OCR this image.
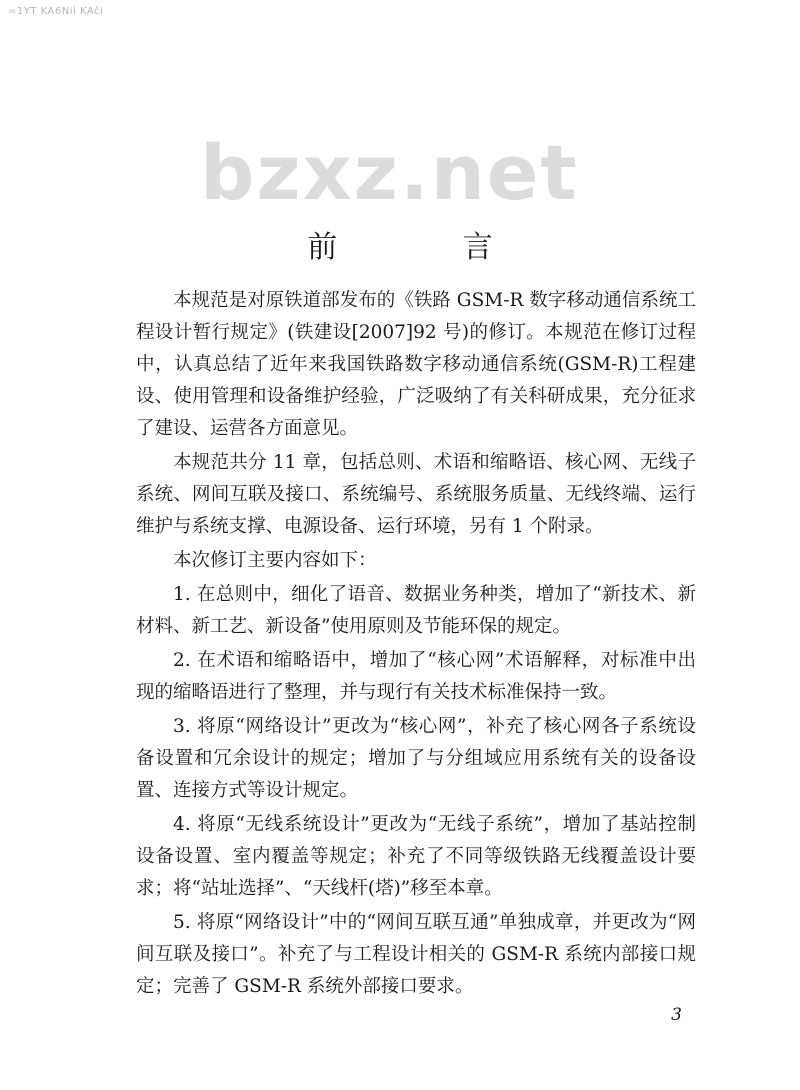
=1YT KA6Nii KAči
bzxz.net
前 言

本规范是对原铁道部发布的《铁路 GSM-R 数字移动通信系统工程设计暂行规定》(铁建设[2007]92 号)的修订。本规范在修订过程中，认真总结了近年来我国铁路数字移动通信系统(GSM-R)工程建设、使用管理和设备维护经验，广泛吸纳了有关科研成果，充分征求了建设、运营各方面意见。

本规范共分 11 章，包括总则、术语和缩略语、核心网、无线子系统、网间互联及接口、系统编号、系统服务质量、无线终端、运行维护与系统支撑、电源设备、运行环境，另有 1 个附录。

本次修订主要内容如下：

1. 在总则中，细化了语音、数据业务种类，增加了“新技术、新材料、新工艺、新设备”使用原则及节能环保的规定。

2. 在术语和缩略语中，增加了“核心网”术语解释，对标准中出现的缩略语进行了整理，并与现行有关技术标准保持一致。

3. 将原“网络设计”更改为“核心网”，补充了核心网各子系统设备设置和冗余设计的规定；增加了与分组域应用系统有关的设备设置、连接方式等设计规定。

4. 将原“无线系统设计”更改为“无线子系统”，增加了基站控制设备设置、室内覆盖等规定；补充了不同等级铁路无线覆盖设计要求；将“站址选择”、“天线杆(塔)”移至本章。

5. 将原“网络设计”中的“网间互联互通”单独成章，并更改为“网间互联及接口”。补充了与工程设计相关的 GSM-R 系统内部接口规定；完善了 GSM-R 系统外部接口要求。

3
